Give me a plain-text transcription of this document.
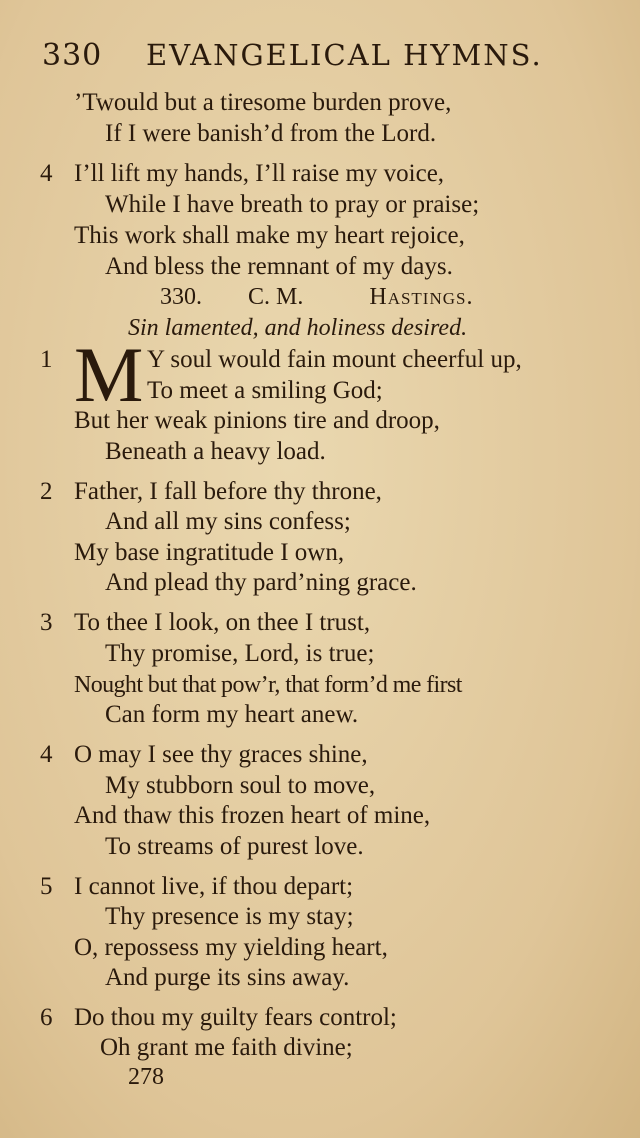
330 EVANGELICAL HYMNS.
’Twould but a tiresome burden prove,
If I were banish’d from the Lord.
4 I’ll lift my hands, I’ll raise my voice,
While I have breath to pray or praise;
This work shall make my heart rejoice,
And bless the remnant of my days.
330. C. M.	Hastings.
Sin lamented, and holiness desired.
1 M Y soul would fain mount cheerful up,
To meet a smiling God;
But her weak pinions tire and droop,
Beneath a heavy load.
2 Father, I fall before thy throne,
And all my sins confess;
My base ingratitude I own,
And plead thy pard’ning grace.
3 To thee I look, on thee I trust,
Thy promise, Lord, is true;
Nought but that pow’r, that form’d me first
Can form my heart anew.
4 O may I see thy graces shine,
My stubborn soul to move,
And thaw this frozen heart of mine,
To streams of purest love.
5 I cannot live, if thou depart;
Thy presence is my stay;
O, repossess my yielding heart,
And purge its sins away.
6 Do thou my guilty fears control;
Oh grant me faith divine;
278
